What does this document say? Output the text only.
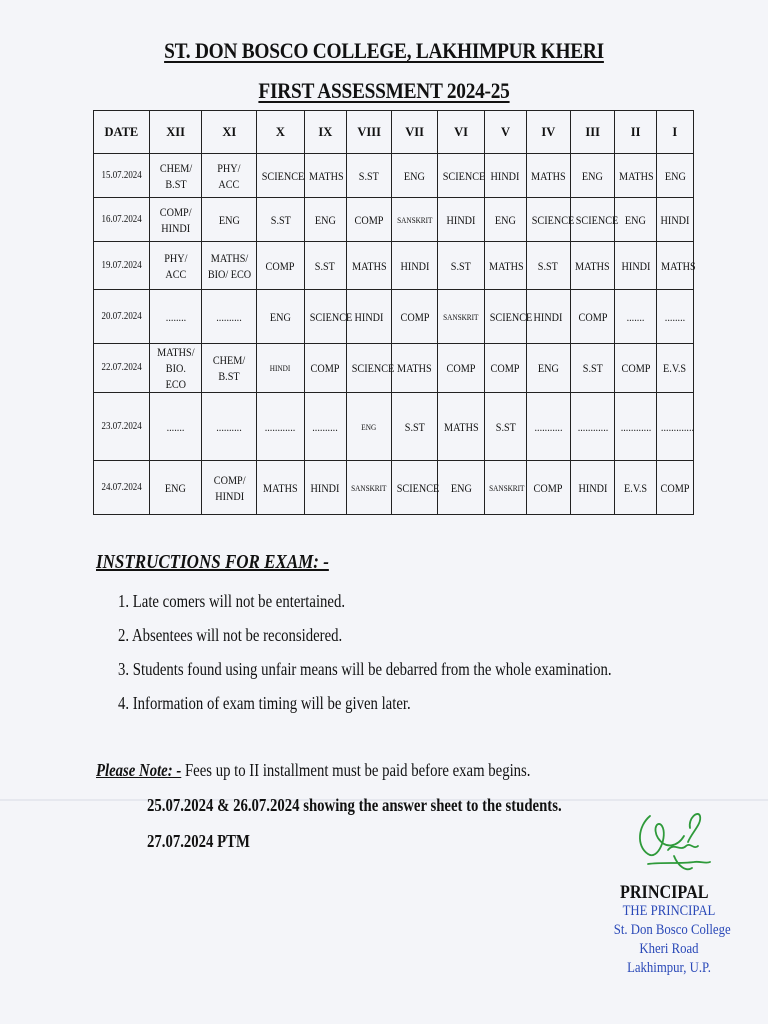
ST. DON BOSCO COLLEGE, LAKHIMPUR KHERI
FIRST ASSESSMENT 2024-25
DATE	XII	XI	X	IX	VIII	VII	VI	V	IV	III	II	I
15.07.2024	CHEM/
B.ST	PHY/ ACC	SCIENCE	MATHS	S.ST	ENG	SCIENCE	HINDI	MATHS	ENG	MATHS	ENG
16.07.2024	COMP/
HINDI	ENG	S.ST	ENG	COMP	SANSKRIT	HINDI	ENG	SCIENCE	SCIENCE	ENG	HINDI
19.07.2024	PHY/ ACC	MATHS/
BIO/ ECO	COMP	S.ST	MATHS	HINDI	S.ST	MATHS	S.ST	MATHS	HINDI	MATHS
20.07.2024	........	..........	ENG	SCIENCE	HINDI	COMP	SANSKRIT	SCIENCE	HINDI	COMP	.......	........
22.07.2024	MATHS/
BIO. ECO	CHEM/
B.ST	HINDI	COMP	SCIENCE	MATHS	COMP	COMP	ENG	S.ST	COMP	E.V.S
23.07.2024	.......	..........	............	..........	ENG	S.ST	MATHS	S.ST	...........	............	............	.............
24.07.2024	ENG	COMP/
HINDI	MATHS	HINDI	SANSKRIT	SCIENCE	ENG	SANSKRIT	COMP	HINDI	E.V.S	COMP
INSTRUCTIONS FOR EXAM: -
1. Late comers will not be entertained.
2. Absentees will not be reconsidered.
3. Students found using unfair means will be debarred from the whole examination.
4. Information of exam timing will be given later.
Please Note: - Fees up to II installment must be paid before exam begins.
25.07.2024 & 26.07.2024 showing the answer sheet to the students.
27.07.2024 PTM
PRINCIPAL
THE PRINCIPAL
St. Don Bosco College
Kheri Road
Lakhimpur, U.P.
